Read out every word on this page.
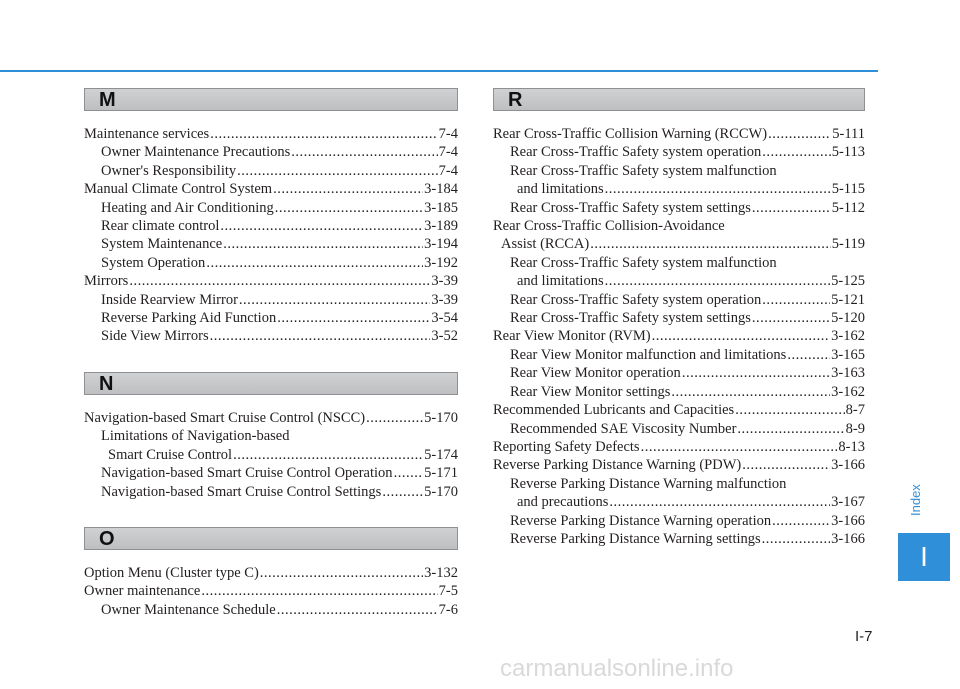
M
Maintenance services .....	7-4
Owner Maintenance Precautions .....	7-4
Owner's Responsibility .....	7-4
Manual Climate Control System .....	3-184
Heating and Air Conditioning .....	3-185
Rear climate control .....	3-189
System Maintenance .....	3-194
System Operation .....	3-192
Mirrors .....	3-39
Inside Rearview Mirror .....	3-39
Reverse Parking Aid Function .....	3-54
Side View Mirrors .....	3-52
N
Navigation-based Smart Cruise Control (NSCC) .....	5-170
Limitations of Navigation-based
Smart Cruise Control .....	5-174
Navigation-based Smart Cruise Control Operation ..... 5-171
Navigation-based Smart Cruise Control Settings .....	5-170
O
Option Menu (Cluster type C) .....	3-132
Owner maintenance .....	7-5
Owner Maintenance Schedule .....	7-6
R
Rear Cross-Traffic Collision Warning (RCCW) .....	5-111
Rear Cross-Traffic Safety system operation .....	5-113
Rear Cross-Traffic Safety system malfunction
and limitations .....	5-115
Rear Cross-Traffic Safety system settings .....	5-112
Rear Cross-Traffic Collision-Avoidance
Assist (RCCA) .....	5-119
Rear Cross-Traffic Safety system malfunction
and limitations .....	5-125
Rear Cross-Traffic Safety system operation .....	5-121
Rear Cross-Traffic Safety system settings .....	5-120
Rear View Monitor (RVM) .....	3-162
Rear View Monitor malfunction and limitations .....	3-165
Rear View Monitor operation .....	3-163
Rear View Monitor settings .....	3-162
Recommended Lubricants and Capacities .....	8-7
Recommended SAE Viscosity Number .....	8-9
Reporting Safety Defects .....	8-13
Reverse Parking Distance Warning (PDW) .....	3-166
Reverse Parking Distance Warning malfunction
and precautions .....	3-167
Reverse Parking Distance Warning operation .....	3-166
Reverse Parking Distance Warning settings .....	3-166
Index
I
I-7
carmanualsonline.info
